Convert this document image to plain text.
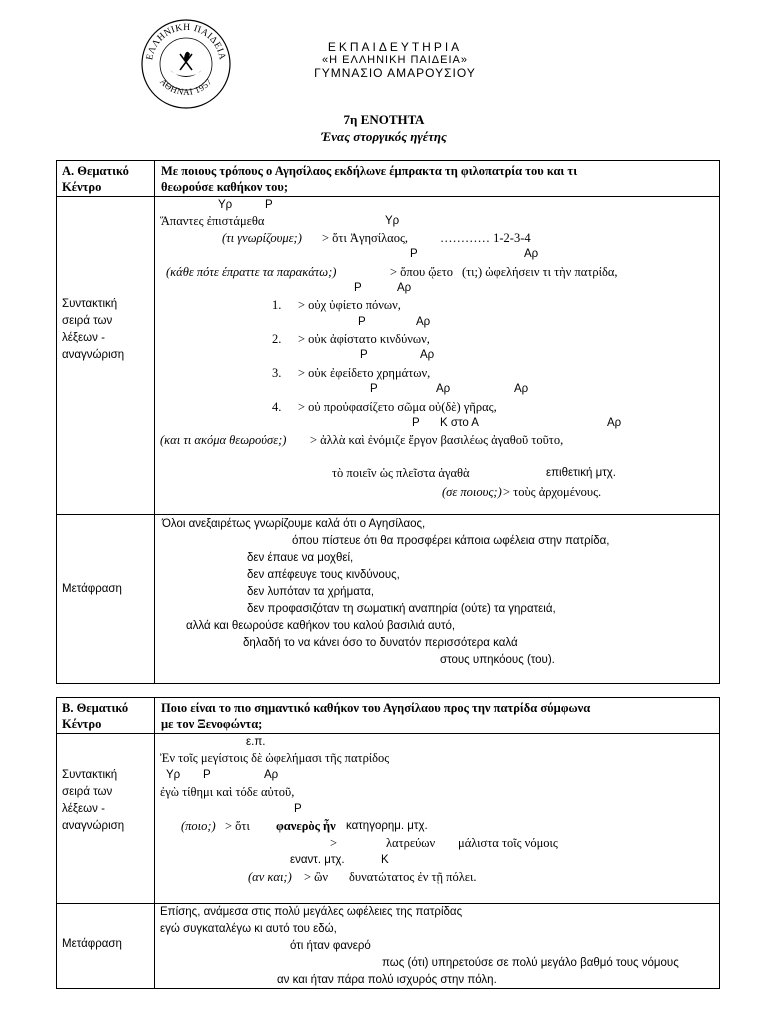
ΕΛΛΗΝΙΚΗ ΠΑΙΔΕΙΑ
ΑΘΗΝΑΙ 1957
ΕΚΠΑΙΔΕΥΤΗΡΙΑ
«Η ΕΛΛΗΝΙΚΗ ΠΑΙΔΕΙΑ»
ΓΥΜΝΑΣΙΟ ΑΜΑΡΟΥΣΙΟΥ
7η ΕΝΟΤΗΤΑ
Ένας στοργικός ηγέτης
Α. Θεματικό
Κέντρο
Με ποιους τρόπους ο Αγησίλαος εκδήλωνε έμπρακτα τη φιλοπατρία του και τι
θεωρούσε καθήκον του;
Συντακτική
σειρά των
λέξεων -
αναγνώριση
Υρ	Ρ
Ἅπαντες ἐπιστάμεθα	Υρ
(τι γνωρίζουμε;) > ὅτι Ἀγησίλαος,	………… 1-2-3-4
Ρ	Αρ
(κάθε πότε έπραττε τα παρακάτω;)	> ὅπου ᾤετο (τι;) ὠφελήσειν τι τὴν πατρίδα,
Ρ	Αρ
1. > οὐχ ὑφίετο πόνων,
Ρ	Αρ
2. > οὐκ ἀφίστατο κινδύνων,
Ρ	Αρ
3. > οὐκ ἐφείδετο χρημάτων,
Ρ	Αρ	Αρ
4. > οὐ προὐφασίζετο σῶμα οὐ(δὲ) γῆρας,
Ρ Κ στο Α	Αρ
(και τι ακόμα θεωρούσε;) > ἀλλὰ καὶ ἐνόμιζε ἔργον βασιλέως ἀγαθοῦ τοῦτο,
τὸ ποιεῖν ὡς πλεῖστα ἀγαθὰ	επιθετική μτχ.
(σε ποιους;) > τοὺς ἀρχομένους.
Μετάφραση
Όλοι ανεξαιρέτως γνωρίζουμε καλά ότι ο Αγησίλαος,
όπου πίστευε ότι θα προσφέρει κάποια ωφέλεια στην πατρίδα,
δεν έπαυε να μοχθεί,
δεν απέφευγε τους κινδύνους,
δεν λυπόταν τα χρήματα,
δεν προφασιζόταν τη σωματική αναπηρία (ούτε) τα γηρατειά,
αλλά και θεωρούσε καθήκον του καλού βασιλιά αυτό,
δηλαδή το να κάνει όσο το δυνατόν περισσότερα καλά
στους υπηκόους (του).
Β. Θεματικό
Κέντρο
Ποιο είναι το πιο σημαντικό καθήκον του Αγησίλαου προς την πατρίδα σύμφωνα
με τον Ξενοφώντα;
Συντακτική
σειρά των
λέξεων -
αναγνώριση
ε.π.
Ἐν τοῖς μεγίστοις δὲ ὠφελήμασι τῆς πατρίδος
Υρ Ρ	Αρ
ἐγὼ τίθημι καὶ τόδε αὐτοῦ,
Ρ
(ποιο;) > ὅτι φανερὸς ἦν κατηγορημ. μτχ.
>	λατρεύων μάλιστα τοῖς νόμοις
εναντ. μτχ.	Κ
(αν και;) > ὢν δυνατώτατος ἐν τῇ πόλει.
Μετάφραση
Επίσης, ανάμεσα στις πολύ μεγάλες ωφέλειες της πατρίδας
εγώ συγκαταλέγω κι αυτό του εδώ,
ότι ήταν φανερό
πως (ότι) υπηρετούσε σε πολύ μεγάλο βαθμό τους νόμους
αν και ήταν πάρα πολύ ισχυρός στην πόλη.
